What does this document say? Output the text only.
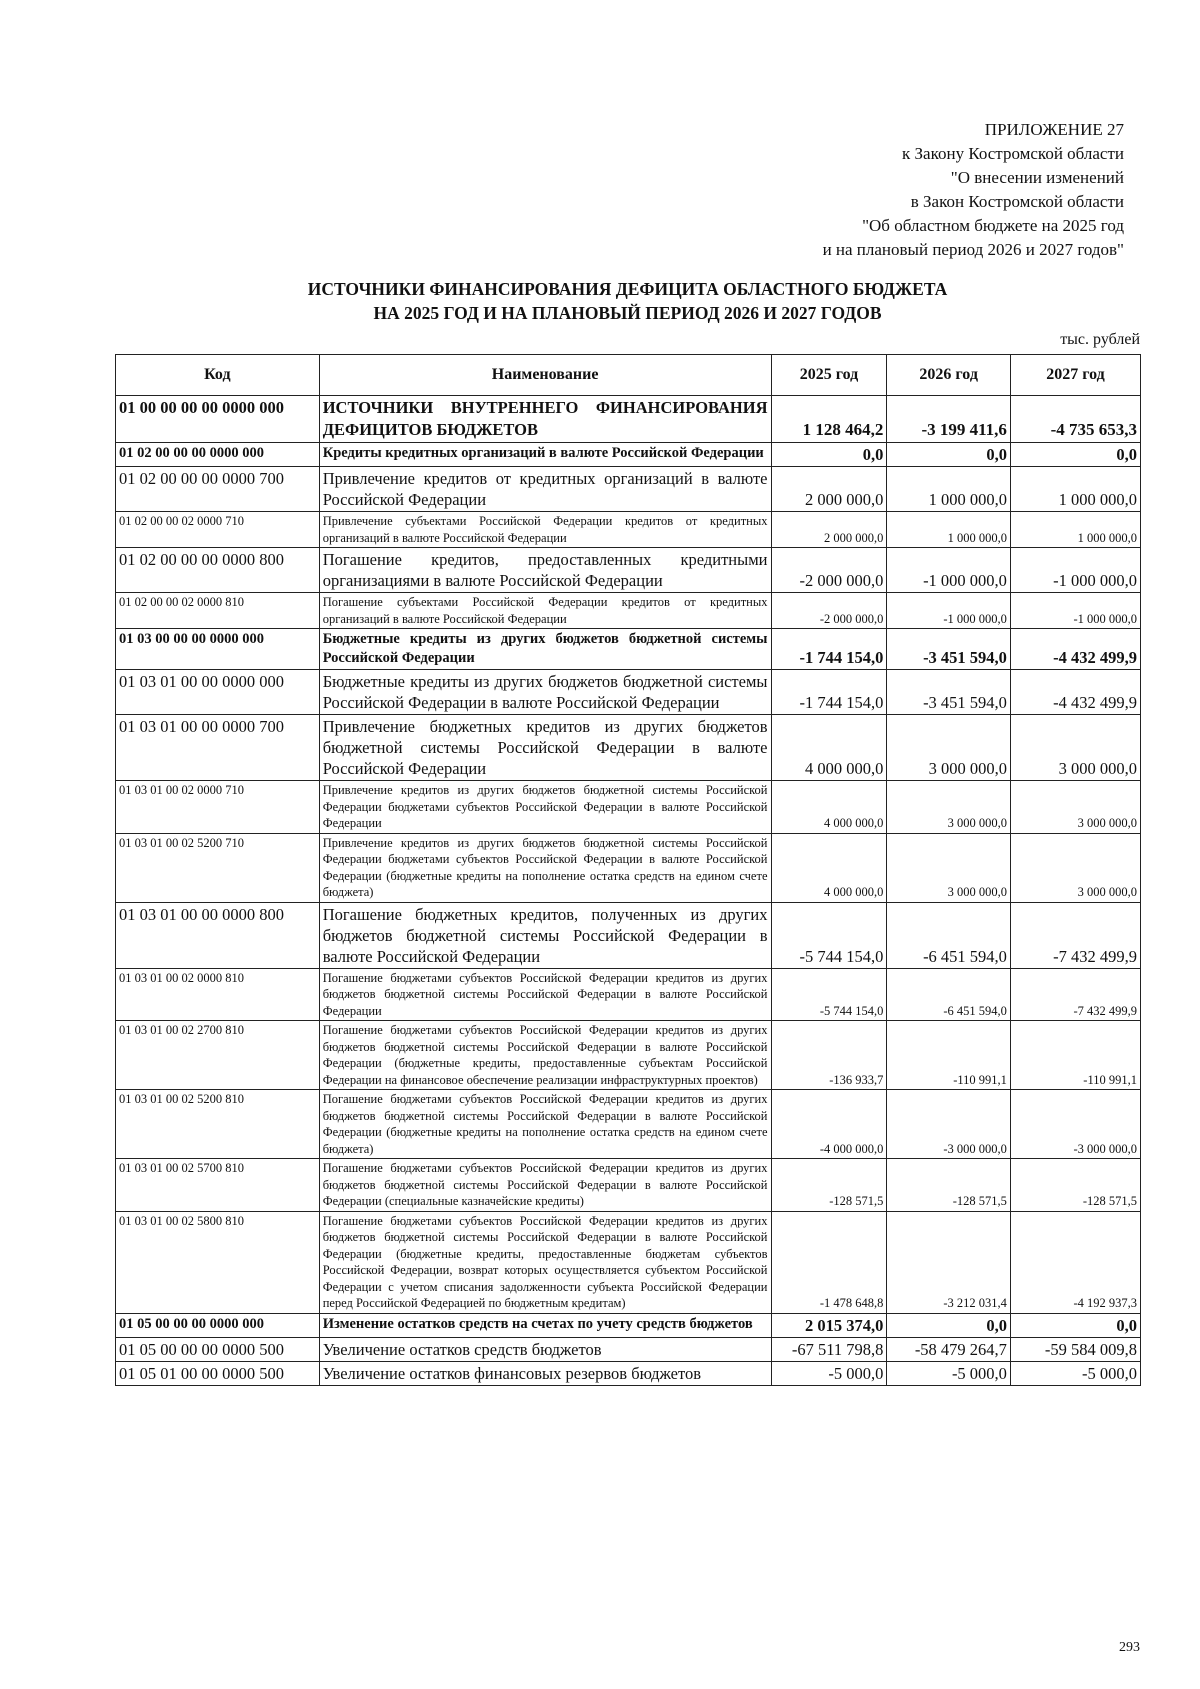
ПРИЛОЖЕНИЕ 27
к Закону Костромской области
"О внесении изменений
в Закон Костромской области
"Об областном бюджете на 2025 год
и на плановый период 2026 и 2027 годов"
ИСТОЧНИКИ ФИНАНСИРОВАНИЯ ДЕФИЦИТА ОБЛАСТНОГО БЮДЖЕТА
НА 2025 ГОД И НА ПЛАНОВЫЙ ПЕРИОД 2026 И 2027 ГОДОВ
тыс. рублей
Код	Наименование	2025 год	2026 год	2027 год
01 00 00 00 00 0000 000	ИСТОЧНИКИ ВНУТРЕННЕГО ФИНАНСИРОВАНИЯ ДЕФИЦИТОВ БЮДЖЕТОВ	1 128 464,2	-3 199 411,6	-4 735 653,3
01 02 00 00 00 0000 000	Кредиты кредитных организаций в валюте Российской Федерации	0,0	0,0	0,0
01 02 00 00 00 0000 700	Привлечение кредитов от кредитных организаций в валюте Российской Федерации	2 000 000,0	1 000 000,0	1 000 000,0
01 02 00 00 02 0000 710	Привлечение субъектами Российской Федерации кредитов от кредитных организаций в валюте Российской Федерации	2 000 000,0	1 000 000,0	1 000 000,0
01 02 00 00 00 0000 800	Погашение кредитов, предоставленных кредитными организациями в валюте Российской Федерации	-2 000 000,0	-1 000 000,0	-1 000 000,0
01 02 00 00 02 0000 810	Погашение субъектами Российской Федерации кредитов от кредитных организаций в валюте Российской Федерации	-2 000 000,0	-1 000 000,0	-1 000 000,0
01 03 00 00 00 0000 000	Бюджетные кредиты из других бюджетов бюджетной системы Российской Федерации	-1 744 154,0	-3 451 594,0	-4 432 499,9
01 03 01 00 00 0000 000	Бюджетные кредиты из других бюджетов бюджетной системы Российской Федерации в валюте Российской Федерации	-1 744 154,0	-3 451 594,0	-4 432 499,9
01 03 01 00 00 0000 700	Привлечение бюджетных кредитов из других бюджетов бюджетной системы Российской Федерации в валюте Российской Федерации	4 000 000,0	3 000 000,0	3 000 000,0
01 03 01 00 02 0000 710	Привлечение кредитов из других бюджетов бюджетной системы Российской Федерации бюджетами субъектов Российской Федерации в валюте Российской Федерации	4 000 000,0	3 000 000,0	3 000 000,0
01 03 01 00 02 5200 710	Привлечение кредитов из других бюджетов бюджетной системы Российской Федерации бюджетами субъектов Российской Федерации в валюте Российской Федерации (бюджетные кредиты на пополнение остатка средств на едином счете бюджета)	4 000 000,0	3 000 000,0	3 000 000,0
01 03 01 00 00 0000 800	Погашение бюджетных кредитов, полученных из других бюджетов бюджетной системы Российской Федерации в валюте Российской Федерации	-5 744 154,0	-6 451 594,0	-7 432 499,9
01 03 01 00 02 0000 810	Погашение бюджетами субъектов Российской Федерации кредитов из других бюджетов бюджетной системы Российской Федерации в валюте Российской Федерации	-5 744 154,0	-6 451 594,0	-7 432 499,9
01 03 01 00 02 2700 810	Погашение бюджетами субъектов Российской Федерации кредитов из других бюджетов бюджетной системы Российской Федерации в валюте Российской Федерации (бюджетные кредиты, предоставленные субъектам Российской Федерации на финансовое обеспечение реализации инфраструктурных проектов)	-136 933,7	-110 991,1	-110 991,1
01 03 01 00 02 5200 810	Погашение бюджетами субъектов Российской Федерации кредитов из других бюджетов бюджетной системы Российской Федерации в валюте Российской Федерации (бюджетные кредиты на пополнение остатка средств на едином счете бюджета)	-4 000 000,0	-3 000 000,0	-3 000 000,0
01 03 01 00 02 5700 810	Погашение бюджетами субъектов Российской Федерации кредитов из других бюджетов бюджетной системы Российской Федерации в валюте Российской Федерации (специальные казначейские кредиты)	-128 571,5	-128 571,5	-128 571,5
01 03 01 00 02 5800 810	Погашение бюджетами субъектов Российской Федерации кредитов из других бюджетов бюджетной системы Российской Федерации в валюте Российской Федерации (бюджетные кредиты, предоставленные бюджетам субъектов Российской Федерации, возврат которых осуществляется субъектом Российской Федерации с учетом списания задолженности субъекта Российской Федерации перед Российской Федерацией по бюджетным кредитам)	-1 478 648,8	-3 212 031,4	-4 192 937,3
01 05 00 00 00 0000 000	Изменение остатков средств на счетах по учету средств бюджетов	2 015 374,0	0,0	0,0
01 05 00 00 00 0000 500	Увеличение остатков средств бюджетов	-67 511 798,8	-58 479 264,7	-59 584 009,8
01 05 01 00 00 0000 500	Увеличение остатков финансовых резервов бюджетов	-5 000,0	-5 000,0	-5 000,0
293
